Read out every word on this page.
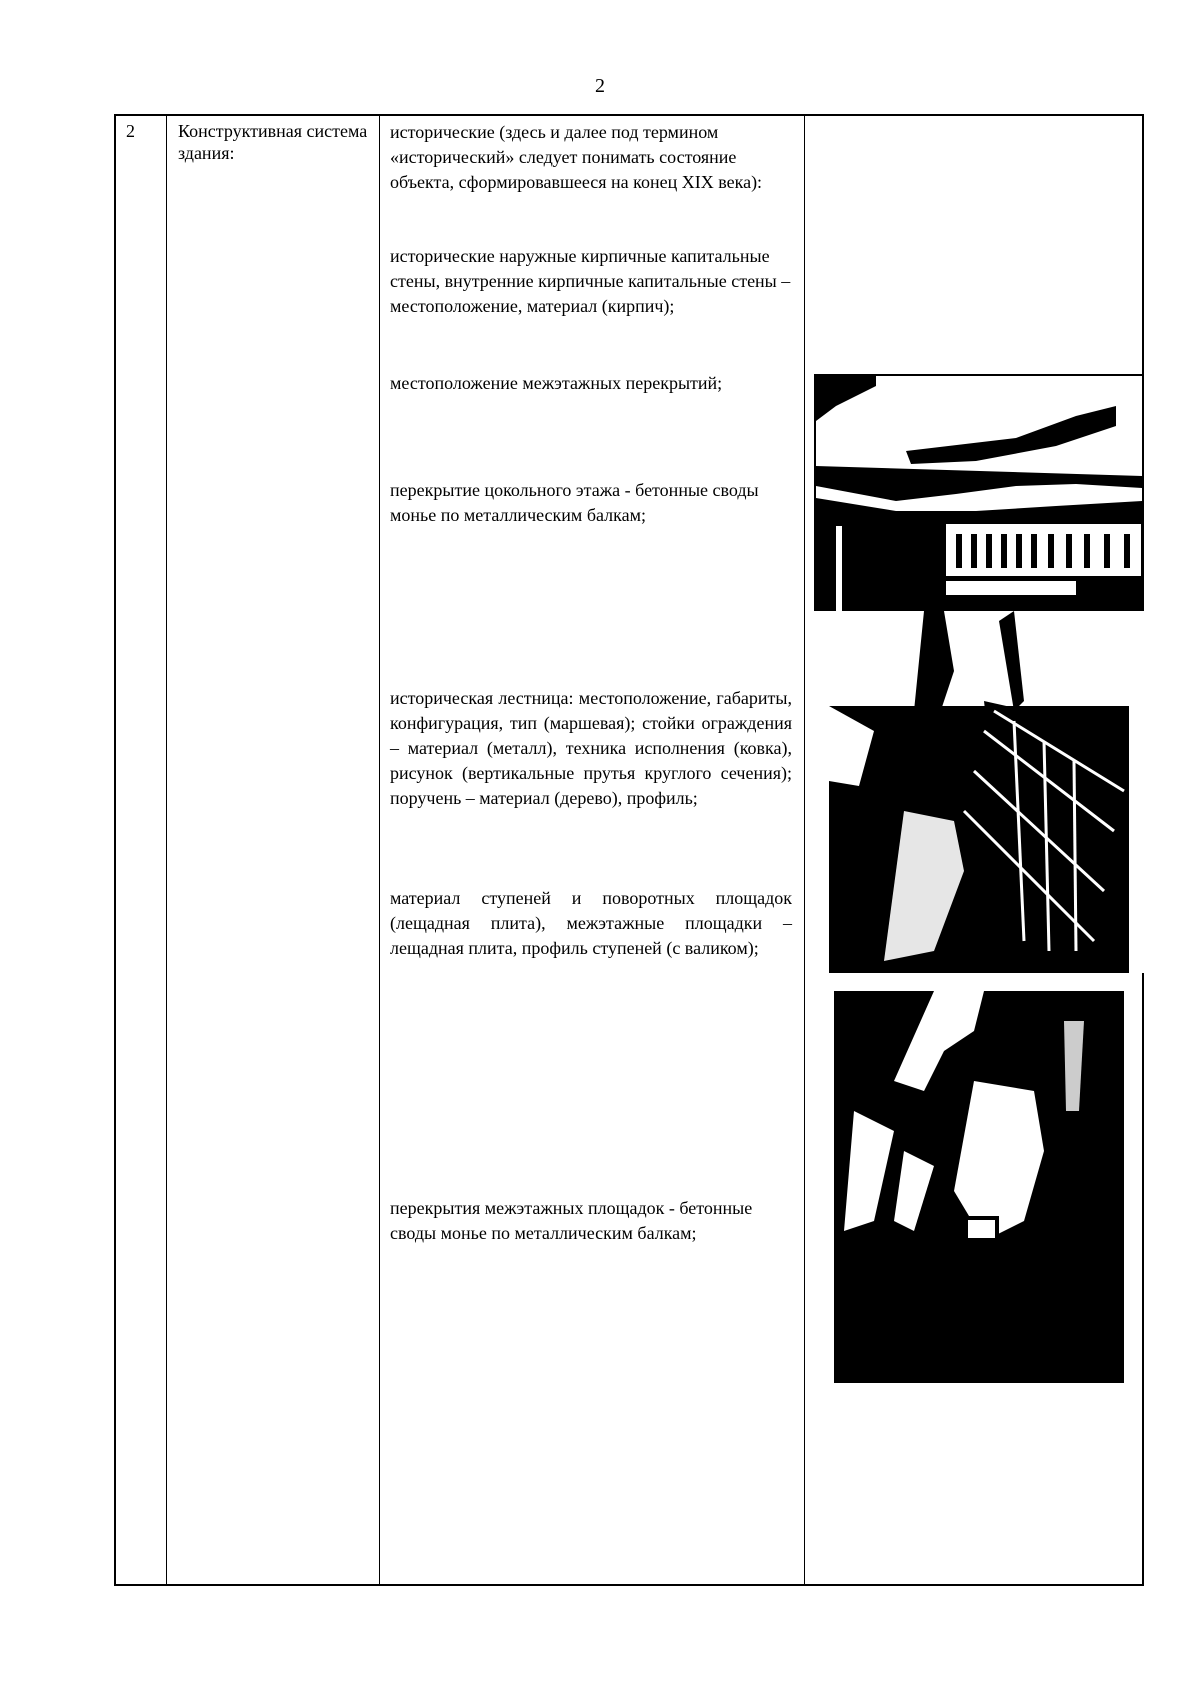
2
2 Конструктивная система здания:

исторические (здесь и далее под термином «исторический» следует понимать состояние объекта, сформировавшееся на конец XIX века):

исторические наружные кирпичные капитальные стены, внутренние кирпичные капитальные стены – местоположение, материал (кирпич);

местоположение межэтажных перекрытий;

перекрытие цокольного этажа - бетонные своды монье по металлическим балкам;

историческая лестница: местоположение, габариты, конфигурация, тип (маршевая); стойки ограждения – материал (металл), техника исполнения (ковка), рисунок (вертикальные прутья круглого сечения); поручень – материал (дерево), профиль;

материал ступеней и поворотных площадок (лещадная плита), межэтажные площадки – лещадная плита, профиль ступеней (с валиком);

перекрытия межэтажных площадок - бетонные своды монье по металлическим балкам;
